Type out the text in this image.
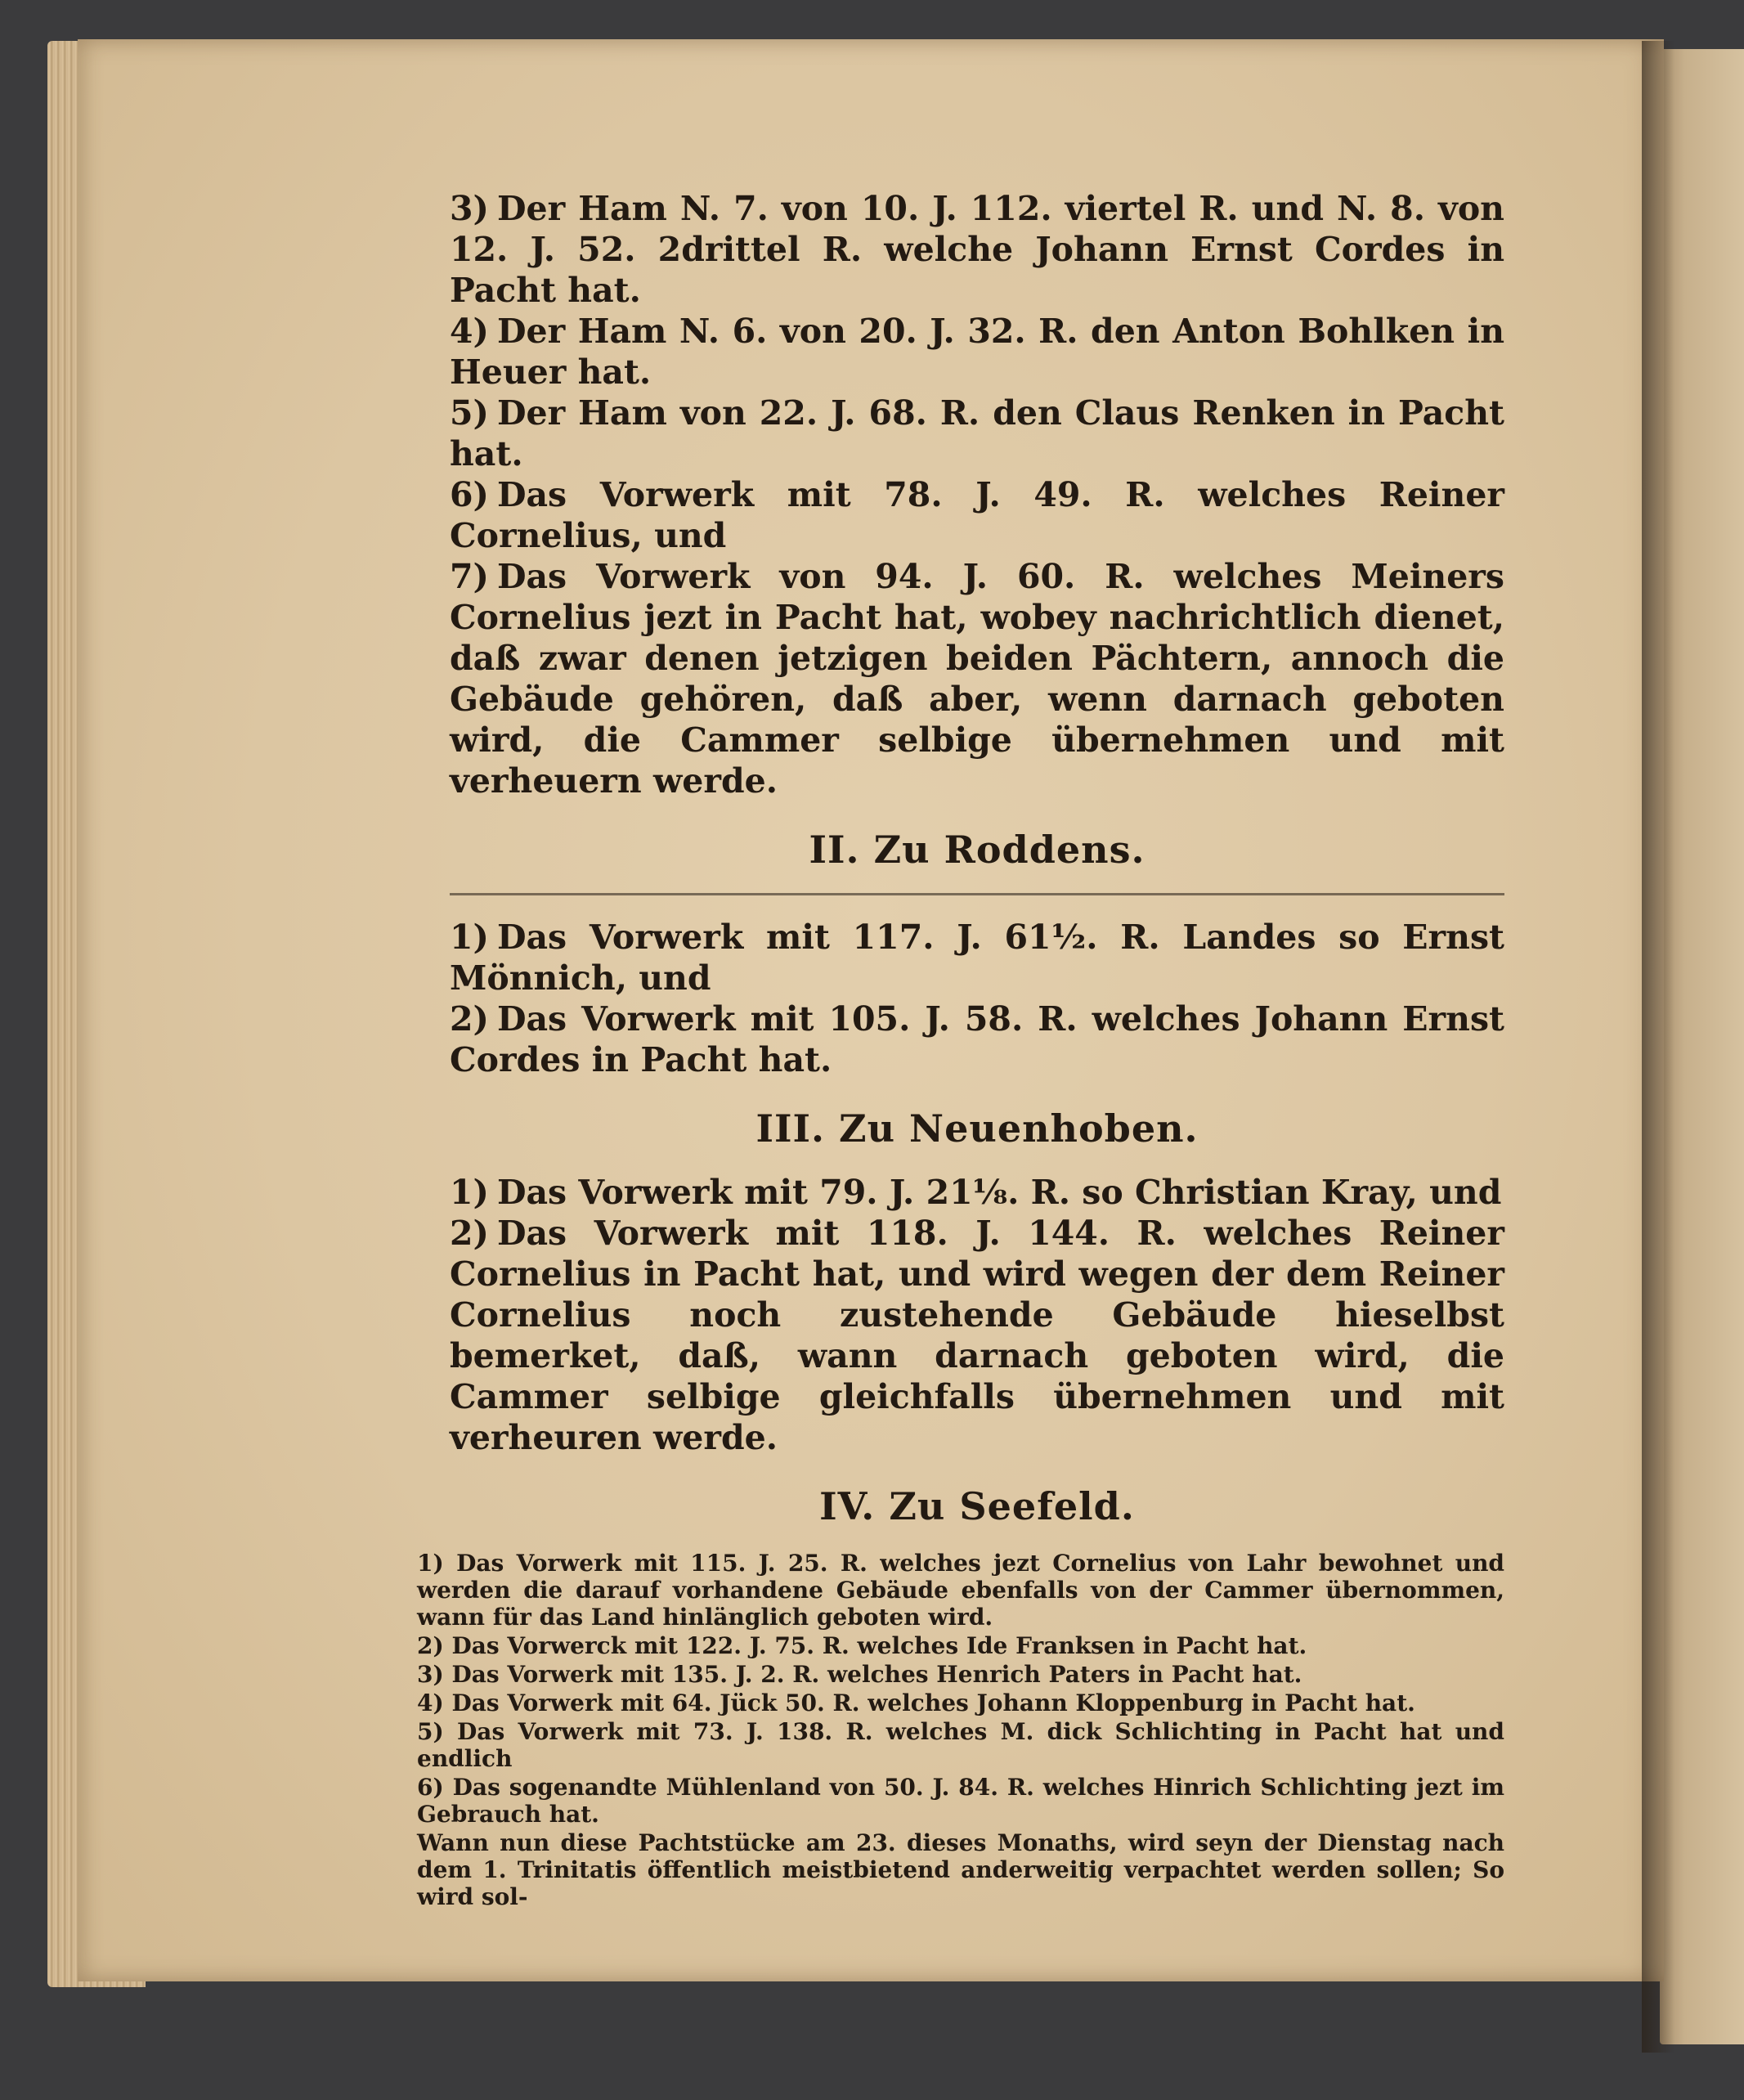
3) Der Ham N. 7. von 10. J. 112. viertel R. und N. 8. von 12. J. 52. 2drittel R. welche Johann Ernst Cordes in Pacht hat.

4) Der Ham N. 6. von 20. J. 32. R. den Anton Bohlken in Heuer hat.

5) Der Ham von 22. J. 68. R. den Claus Renken in Pacht hat.

6) Das Vorwerk mit 78. J. 49. R. welches Reiner Cornelius, und

7) Das Vorwerk von 94. J. 60. R. welches Meiners Cornelius jezt in Pacht hat, wobey nachrichtlich dienet, daß zwar denen jetzigen beiden Pächtern, annoch die Gebäude gehören, daß aber, wenn darnach geboten wird, die Cammer selbige übernehmen und mit verheuern werde.

II. Zu Roddens.

1) Das Vorwerk mit 117. J. 61½. R. Landes so Ernst Mönnich, und

2) Das Vorwerk mit 105. J. 58. R. welches Johann Ernst Cordes in Pacht hat.

III. Zu Neuenhoben.

1) Das Vorwerk mit 79. J. 21⅛. R. so Christian Kray, und

2) Das Vorwerk mit 118. J. 144. R. welches Reiner Cornelius in Pacht hat, und wird wegen der dem Reiner Cornelius noch zustehende Gebäude hieselbst bemerket, daß, wann darnach geboten wird, die Cammer selbige gleichfalls übernehmen und mit verheuren werde.

IV. Zu Seefeld.

1) Das Vorwerk mit 115. J. 25. R. welches jezt Cornelius von Lahr bewohnet und werden die darauf vorhandene Gebäude ebenfalls von der Cammer übernommen, wann für das Land hinlänglich geboten wird.

2) Das Vorwerck mit 122. J. 75. R. welches Ide Franksen in Pacht hat.

3) Das Vorwerk mit 135. J. 2. R. welches Henrich Paters in Pacht hat.

4) Das Vorwerk mit 64. Jück 50. R. welches Johann Kloppenburg in Pacht hat.

5) Das Vorwerk mit 73. J. 138. R. welches M. dick Schlichting in Pacht hat und endlich

6) Das sogenandte Mühlenland von 50. J. 84. R. welches Hinrich Schlichting jezt im Gebrauch hat.

Wann nun diese Pachtstücke am 23. dieses Monaths, wird seyn der Dienstag nach dem 1. Trinitatis öffentlich meistbietend anderweitig verpachtet werden sollen; So wird sol-
